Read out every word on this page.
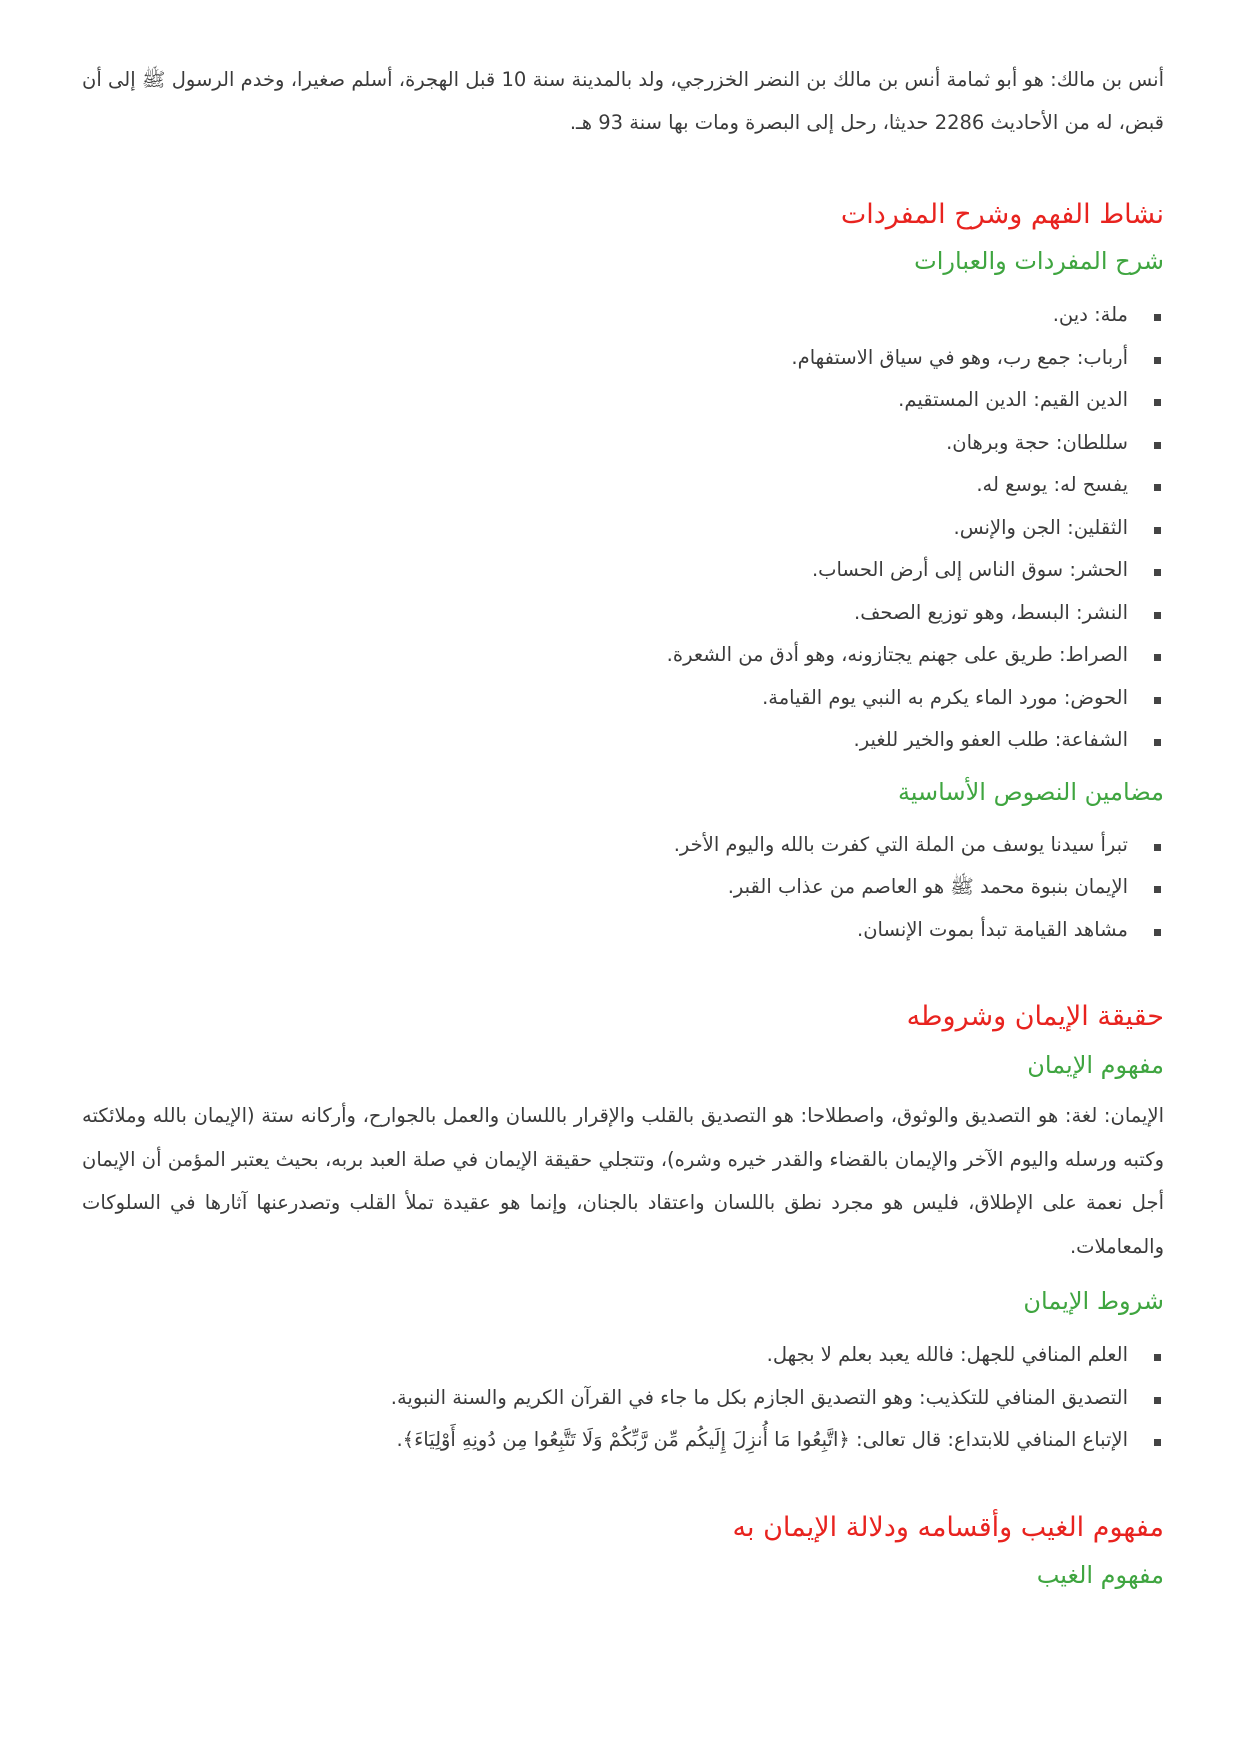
أنس بن مالك: هو أبو ثمامة أنس بن مالك بن النضر الخزرجي، ولد بالمدينة سنة 10 قبل الهجرة، أسلم صغيرا، وخدم الرسول ﷺ إلى أن قبض، له من الأحاديث 2286 حديثا، رحل إلى البصرة ومات بها سنة 93 هـ.

نشاط الفهم وشرح المفردات
شرح المفردات والعبارات
ملة: دين.
أرباب: جمع رب، وهو في سياق الاستفهام.
الدين القيم: الدين المستقيم.
سللطان: حجة وبرهان.
يفسح له: يوسع له.
الثقلين: الجن والإنس.
الحشر: سوق الناس إلى أرض الحساب.
النشر: البسط، وهو توزيع الصحف.
الصراط: طريق على جهنم يجتازونه، وهو أدق من الشعرة.
الحوض: مورد الماء يكرم به النبي يوم القيامة.
الشفاعة: طلب العفو والخير للغير.
مضامين النصوص الأساسية
تبرأ سيدنا يوسف من الملة التي كفرت بالله واليوم الأخر.
الإيمان بنبوة محمد ﷺ هو العاصم من عذاب القبر.
مشاهد القيامة تبدأ بموت الإنسان.
حقيقة الإيمان وشروطه
مفهوم الإيمان

الإيمان: لغة: هو التصديق والوثوق، واصطلاحا: هو التصديق بالقلب والإقرار باللسان والعمل بالجوارح، وأركانه ستة (الإيمان بالله وملائكته وكتبه ورسله واليوم الآخر والإيمان بالقضاء والقدر خيره وشره)، وتتجلي حقيقة الإيمان في صلة العبد بربه، بحيث يعتبر المؤمن أن الإيمان أجل نعمة على الإطلاق، فليس هو مجرد نطق باللسان واعتقاد بالجنان، وإنما هو عقيدة تملأ القلب وتصدرعنها آثارها في السلوكات والمعاملات.

شروط الإيمان
العلم المنافي للجهل: فالله يعبد بعلم لا بجهل.
التصديق المنافي للتكذيب: وهو التصديق الجازم بكل ما جاء في القرآن الكريم والسنة النبوية.
الإتباع المنافي للابتداع: قال تعالى: ﴿اتَّبِعُوا مَا أُنزِلَ إِلَيكُم مِّن رَّبِّكُمْ وَلَا تَتَّبِعُوا مِن دُونِهِ أَوْلِيَاءَ﴾.
مفهوم الغيب وأقسامه ودلالة الإيمان به
مفهوم الغيب
